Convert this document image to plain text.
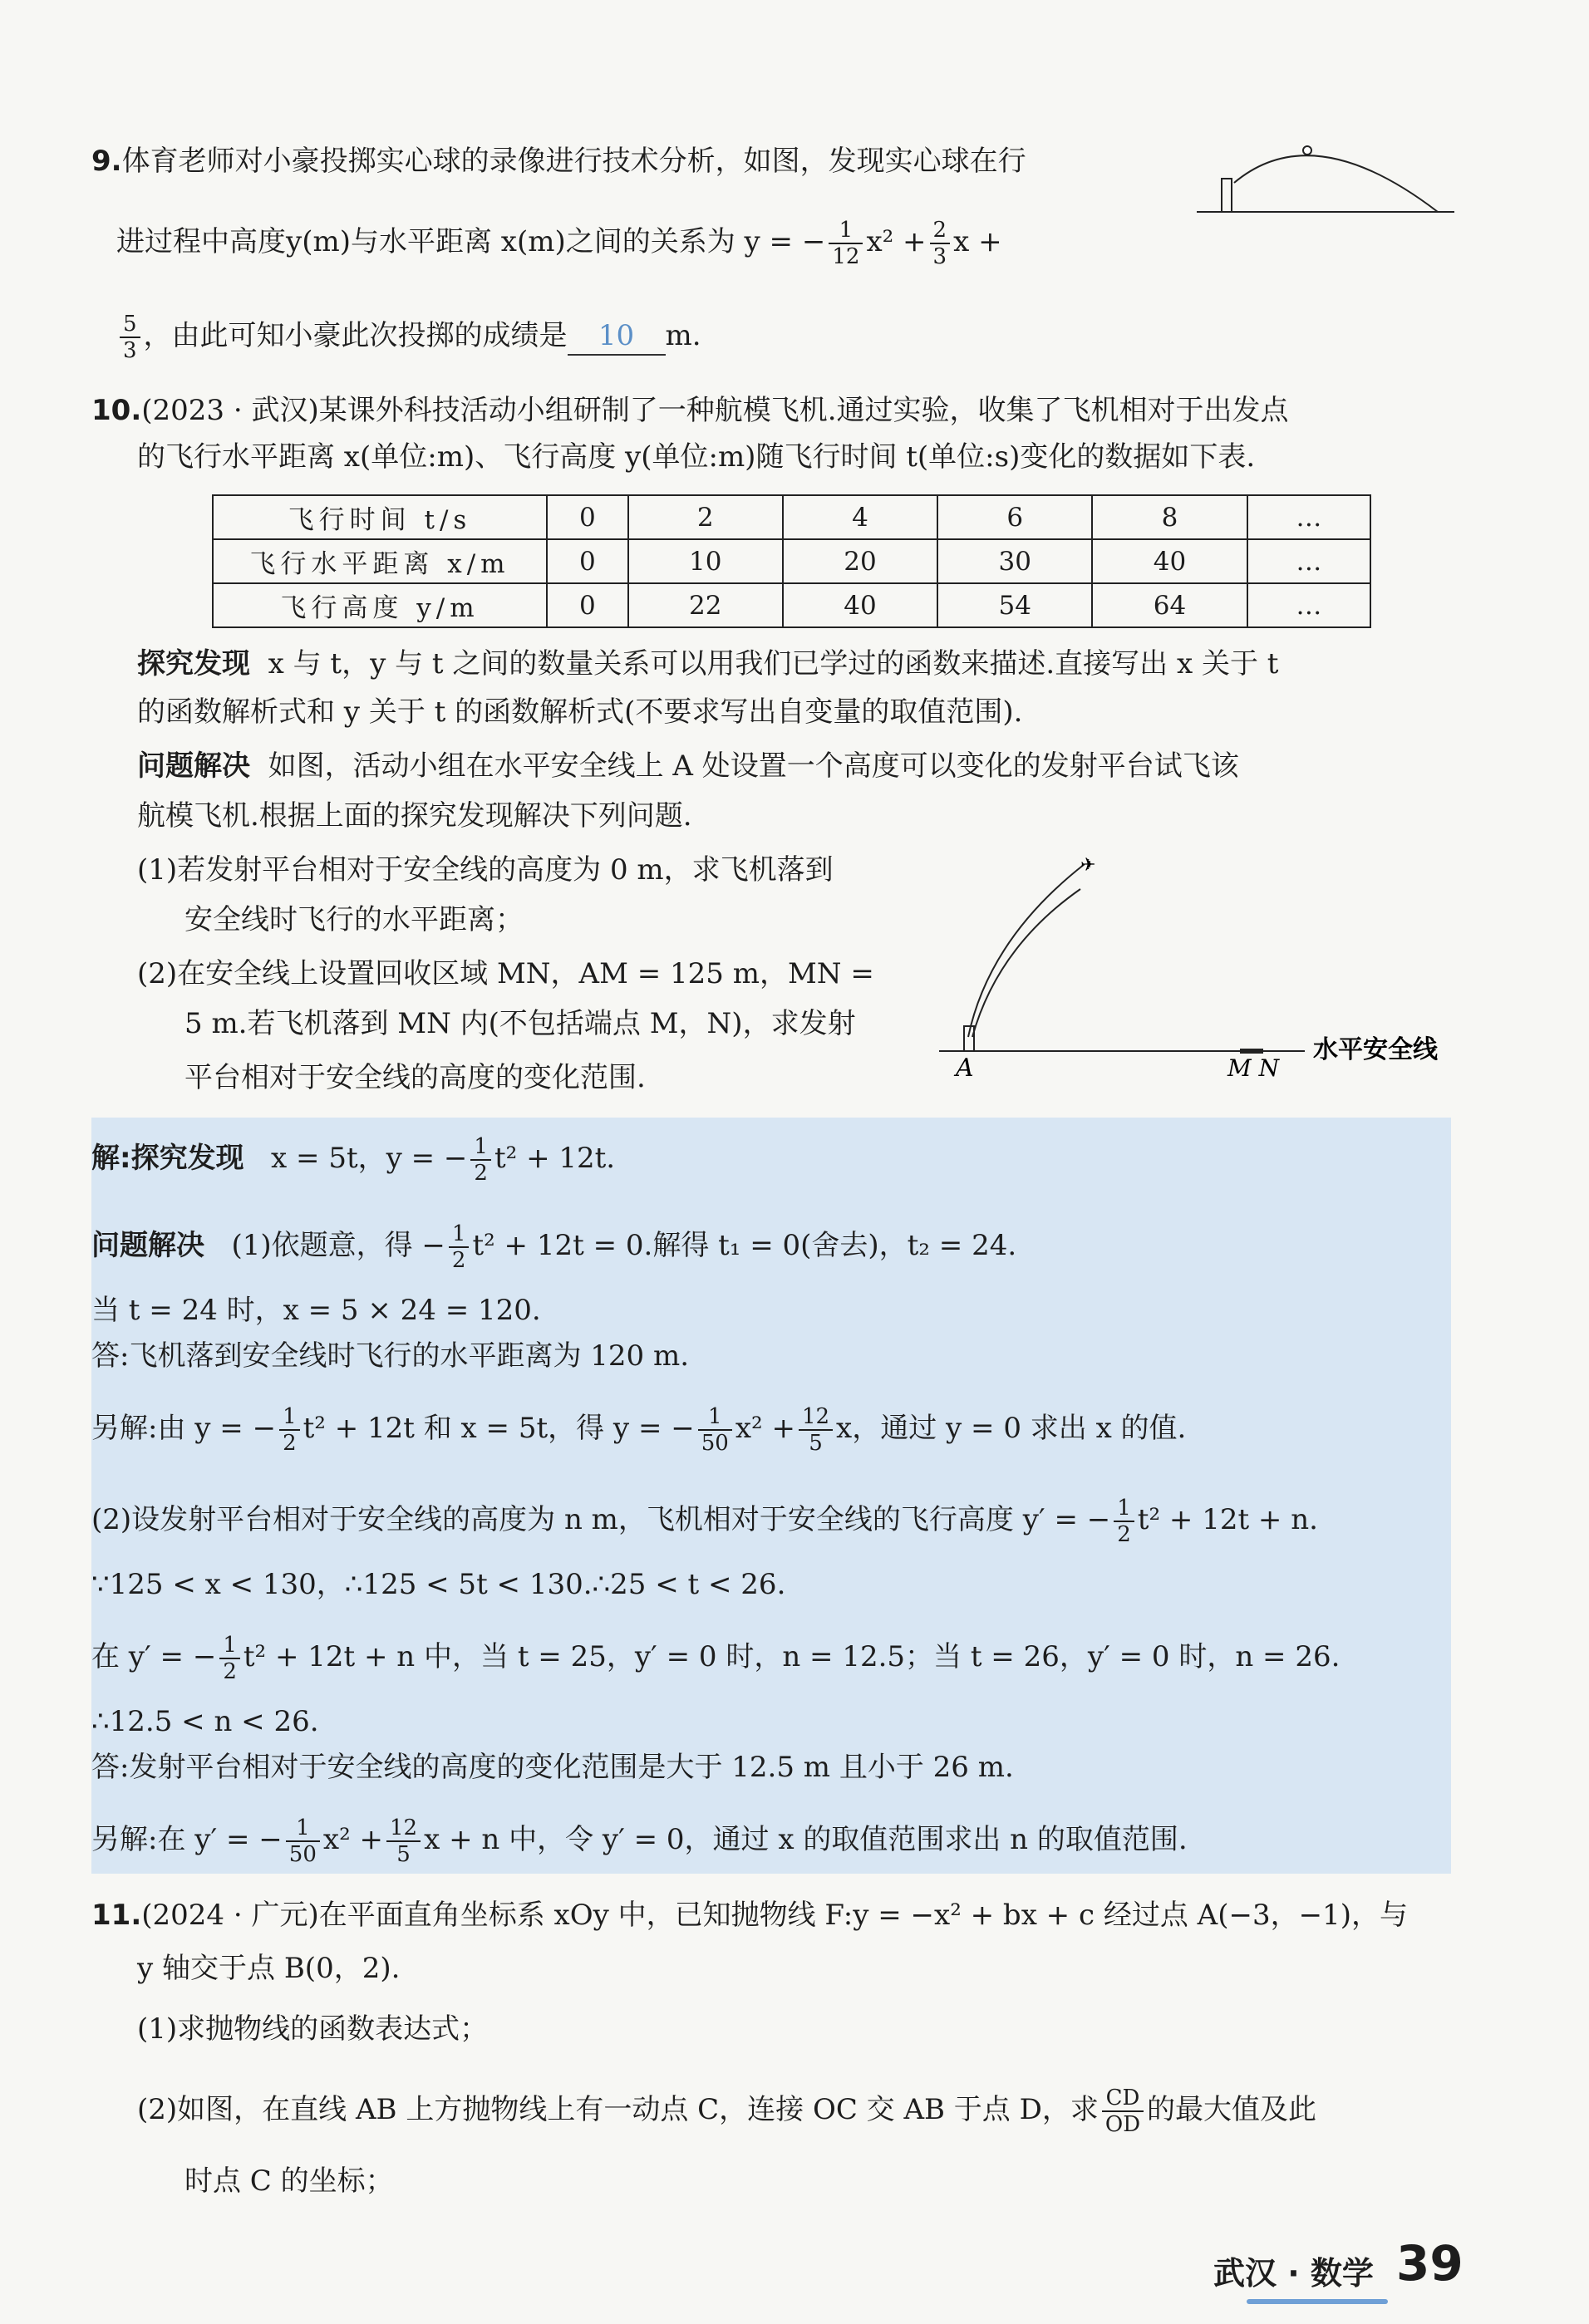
9.体育老师对小豪投掷实心球的录像进行技术分析，如图，发现实心球在行
进过程中高度y(m)与水平距离 x(m)之间的关系为 y = − $\frac{1}{12} x^2 + \frac{2}{3}$ x +
$\frac{5}{3}$ ，由此可知小豪此次投掷的成绩是 10 m.
10.(2023 · 武汉)某课外科技活动小组研制了一种航模飞机.通过实验，收集了飞机相对于出发点
的飞行水平距离 x(单位:m)、飞行高度 y(单位:m)随飞行时间 t(单位:s)变化的数据如下表.
飞行时间 t/s	0	2	4	6	8	…
飞行水平距离 x/m	0	10	20	30	40	…
飞行高度 y/m	0	22	40	54	64	…
探究发现 x 与 t，y 与 t 之间的数量关系可以用我们已学过的函数来描述.直接写出 x 关于 t
的函数解析式和 y 关于 t 的函数解析式(不要求写出自变量的取值范围).
问题解决 如图，活动小组在水平安全线上 A 处设置一个高度可以变化的发射平台试飞该
航模飞机.根据上面的探究发现解决下列问题.
(1)若发射平台相对于安全线的高度为 0 m，求飞机落到
安全线时飞行的水平距离；
(2)在安全线上设置回收区域 MN，AM = 125 m，MN =
5 m.若飞机落到 MN 内(不包括端点 M，N)，求发射
平台相对于安全线的高度的变化范围.
✈
A	M N
水平安全线
解:探究发现 x = 5t，y = − $\frac{1}{2} t^2 + 12t$.
问题解决 (1)依题意，得 − $\frac{1}{2} t^2 + 12t = 0$.解得 t₁ = 0(舍去)，t₂ = 24.
当 t = 24 时，x = 5 × 24 = 120.
答:飞机落到安全线时飞行的水平距离为 120 m.
另解:由 y = − $\frac{1}{2} t^2 + 12t$ 和 x = 5t，得 y = − $\frac{1}{50} x^2 + \frac{12}{5}$ x，通过 y = 0 求出 x 的值.
(2)设发射平台相对于安全线的高度为 n m，飞机相对于安全线的飞行高度 y′ = − $\frac{1}{2} t^2 + 12t + n$.
∵125 < x < 130，∴125 < 5t < 130.∴25 < t < 26.
在 y′ = − $\frac{1}{2} t^2 + 12t + n$ 中，当 t = 25，y′ = 0 时，n = 12.5；当 t = 26，y′ = 0 时，n = 26.
∴12.5 < n < 26.
答:发射平台相对于安全线的高度的变化范围是大于 12.5 m 且小于 26 m.
另解:在 y′ = − $\frac{1}{50} x^2 + \frac{12}{5}$ x + n 中，令 y′ = 0，通过 x 的取值范围求出 n 的取值范围.
11.(2024 · 广元)在平面直角坐标系 xOy 中，已知抛物线 F:y = −x² + bx + c 经过点 A(−3，−1)，与
y 轴交于点 B(0，2).
(1)求抛物线的函数表达式；
(2)如图，在直线 AB 上方抛物线上有一动点 C，连接 OC 交 AB 于点 D，求 $\frac{CD}{OD}$ 的最大值及此
时点 C 的坐标；
武汉 · 数学 39
